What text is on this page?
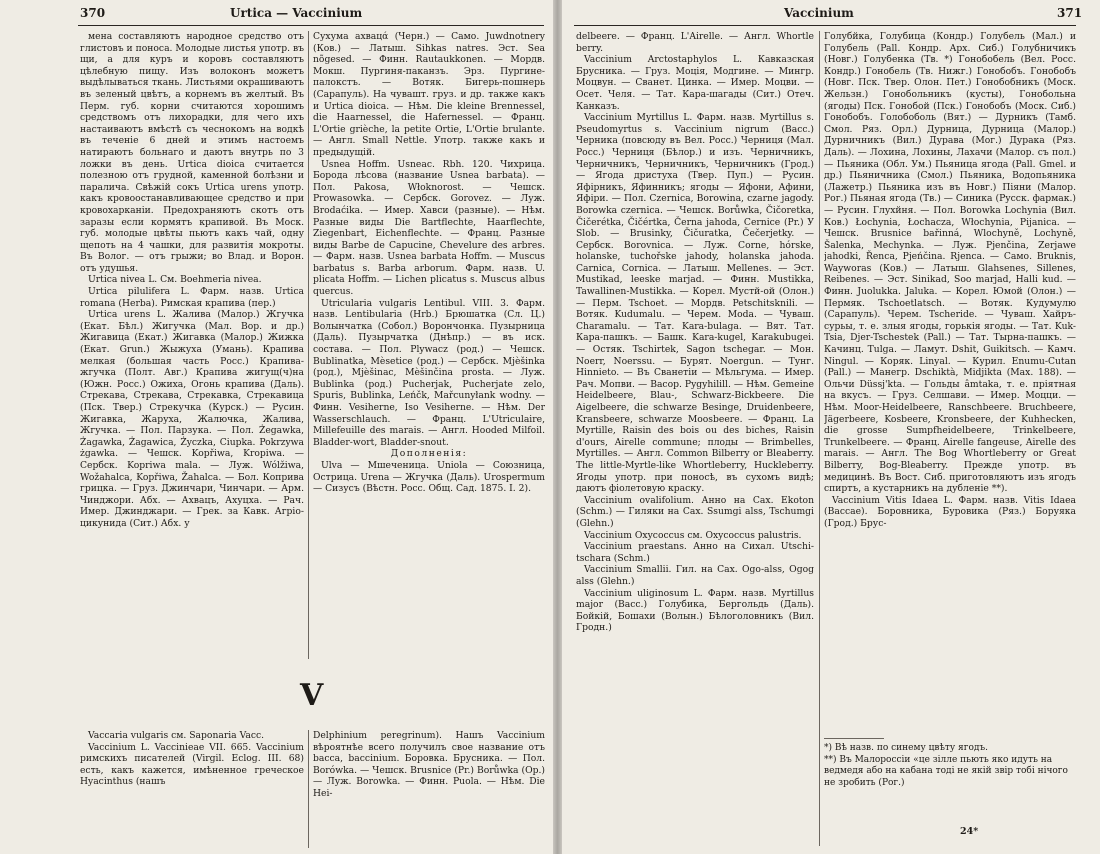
370	Urtica — Vaccinium

мена составляютъ народное средство отъ глистовъ и поноса. Молодые листья употр. въ щи, а для куръ и коровъ составляютъ цѣлебную пищу. Изъ волоконъ можетъ выдѣлываться ткань. Листьями окрашиваютъ въ зеленый цвѣтъ, а корнемъ въ желтый. Въ Перм. губ. корни считаются хорошимъ средствомъ отъ лихорадки, для чего ихъ настаиваютъ вмѣстѣ съ чеснокомъ на водкѣ въ теченіе 6 дней и этимъ настоемъ натираютъ больнаго и даютъ внутрь по 3 ложки въ день. Urtica dioica считается полезною отъ грудной, каменной болѣзни и паралича. Свѣжій сокъ Urtica urens употр. какъ кровоостанавливающее средство и при кровохарканіи. Предохраняютъ скотъ отъ заразы если кормятъ крапивой. Въ Моск. губ. молодые цвѣты пьютъ какъ чай, одну щепоть на 4 чашки, для развитія мокроты. Въ Волог. — отъ грыжи; во Влад. и Ворон. отъ удушья.

Urtica nivea L. См. Boehmeria nivea.

Urtica pilulifera L. Фарм. назв. Urtica romana (Herba). Римская крапива (пер.)

Urtica urens L. Жалива (Малор.) Жгучка (Екат. Бѣл.) Жигучка (Мал. Вор. и др.) Жигавица (Екат.) Жигавка (Малор.) Жижка (Екат. Grun.) Жыжуха (Умань). Крапива мелкая (большая часть Росс.) Крапива-жгучка (Полт. Авг.) Крапива жигущ(ч)на (Южн. Росс.) Ожиха, Огонь крапива (Даль). Стрекава, Стрекава, Стрекавка, Стрекавица (Пск. Твер.) Стрекучка (Курск.) — Русин. Жигавка, Жаруха, Жалючка, Жалива, Жгучка. — Пол. Парзука. — Пол. Żegawka, Żagawka, Żagawica, Życzka, Ciupka. Pokrzywa żgawka. — Чешск. Kopřiwa, Kropiwa. — Сербск. Kopriwa mala. — Луж. Wólžiwa, Wožahalca, Kopřiwa, Žahalca. — Бол. Коприва грицка. — Груз. Джинчари, Чинчари. — Арм. Чинджори. Абх. — Ахвацъ, Ахуцха. — Рач. Имер. Джинджари. — Грек. за Кавк. Агріо-цикунида (Сит.) Абх. у

Сухума ахвацά (Черн.) — Само. Juwdnotnery (Ков.) — Латыш. Sihkas natres. Эст. Sea nõgesed. — Финн. Rautaukkonen. — Мордв. Мокш. Пургиня-паканзъ. Эрз. Пургине-палокстъ. — Вотяк. Бигерь-пошнерь (Сарапуль). На чувашт. груз. и др. также какъ и Urtica dioica. — Нѣм. Die kleine Brennessel, die Haarnessel, die Hafernessel. — Франц. L'Ortie grièche, la petite Ortie, L'Ortie brulante. — Англ. Small Nettle. Употр. также какъ и предыдущій.

Usnea Hoffm. Usneac. Rbh. 120. Чихрица. Борода лѣсова (название Usnea barbata). — Пол. Pakosa, Włoknorost. — Чешск. Prowasowka. — Сербск. Gorovez. — Луж. Brodaćika. — Имер. Хавси (разные). — Нѣм. Разные виды Die Bartflechte, Haarflechte, Ziegenbart, Eichenflechte. — Франц. Разные виды Barbe de Capucine, Chevelure des arbres. — Фарм. назв. Usnea barbata Hoffm. — Muscus barbatus s. Barba arborum. Фарм. назв. U. plicata Hoffm. — Lichen plicatus s. Muscus albus quercus.

Utricularia vulgaris Lentibul. VIII. 3. Фарм. назв. Lentibularia (Hrb.) Брюшатка (Сл. Ц.) Волынчатка (Собол.) Ворончонка. Пузырница (Даль). Пузырчатка (Днѣпр.) — въ иск. состава. — Пол. Plywacz (род.) — Чешск. Bublinatka, Mèsetice (род.) — Сербск. Mjèšinka (род.), Mjèšinac, Mèšinčina prosta. — Луж. Bublinka (род.) Pucherjak, Pucherjate zelo, Spuris, Bublinka, Leńčk, Mařcunyłank wodny. — Финн. Vesiherne, Iso Vesiherne. — Нѣм. Der Wasserschlauch. — Франц. L'Utriculaire, Millefeuille des marais. — Англ. Hooded Milfoil. Bladder-wort, Bladder-snout.

Дополненія:

Ulva — Мшеченица. Uniola — Союзница, Острица. Urena — Жгучка (Даль). Urospermum — Сизусъ (Вѣстн. Росс. Общ. Сад. 1875. I. 2).

V

Vaccaria vulgaris см. Saponaria Vacc.

Vaccinium L. Vaccinieae VII. 665. Vaccinium римскихъ писателей (Virgil. Eclog. III. 68) есть, какъ кажется, имѣненное греческое Hyacinthus (нашъ

Delphinium peregrinum). Нашъ Vaccinium вѣроятнѣе всего получилъ свое название отъ bacca, baccinium. Боровка. Брусника. — Пол. Borówka. — Чешск. Brusnice (Pr.) Borůwka (Op.) — Луж. Borowka. — Финн. Puola. — Нѣм. Die Hei-

Vaccinium	371

delbeere. — Франц. L'Airelle. — Англ. Whortle berry.

Vaccinium Arctostaphylos L. Кавказская Брусника. — Груз. Моція, Модгине. — Мингр. Моцвун. — Сванет. Цинка. — Имер. Моцви. — Осет. Челя. — Тат. Кара-шагады (Сит.) Отеч. Канказъ.

Vaccinium Myrtillus L. Фарм. назв. Myrtillus s. Pseudomyrtus s. Vaccinium nigrum (Bacc.) Черника (повсюду въ Вел. Росс.) Черниця (Мал. Росс.) Черниця (Бѣлор.) и изъ. Черничникъ, Черничникъ, Черничникъ, Черничникъ (Грод.) — Ягода дристуха (Твер. Пуп.) — Русин. Яфірникъ, Яфинникъ; ягоды — Яфони, Афини, Яфіри. — Пол. Czernica, Borowina, czarne jagody. Borowka czernica. — Чешск. Borůwka, Čičoretka, Čičerétka, Čičértka, Černa jahoda, Cernice (Pr.) У Slob. — Brusinky, Čičuratka, Čečerjetky. — Сербск. Borovnica. — Луж. Corne, hórske, holanske, tuchořske jahody, holanska jahoda. Carnica, Cornica. — Латыш. Mellenes. — Эст. Mustikad, leeske marjad. — Финн. Mustikka, Tawallinen-Mustikka. — Корел. Мустй-ой (Олон.) — Перм. Tschoet. — Мордв. Petschitsknili. — Вотяк. Kudumalu. — Черем. Moda. — Чуваш. Charamalu. — Тат. Kara-bulaga. — Вят. Тат. Кара-пашкъ. — Башк. Kara-kugel, Karakubugei. — Остяк. Tschirtek, Sagon tschegar. — Мон. Noerr, Noerssu. — Бурят. Noergun. — Тунг. Hinnieto. — Въ Сванетіи — Мѣльгума. — Имер. Рач. Мопви. — Васоp. Pygyhilill. — Нѣм. Gemeine Heidelbeere, Blau-, Schwarz-Bickbeere. Die Aigelbeere, die schwarze Besinge, Druidenbeere, Kransbeere, schwarze Moosbeere. — Франц. La Myrtille, Raisin des bois ou des biches, Raisin d'ours, Airelle commune; плоды — Brimbelles, Myrtilles. — Англ. Common Bilberry or Bleaberry. The little-Myrtle-like Whortleberry, Huckleberry. Ягоды употр. при поносѣ, въ сухомъ видѣ; даютъ фіолетовую краску.

Vaccinium ovalifolium. Анно на Сах. Ekoton (Schm.) — Гиляки на Сах. Ssumgi alss, Tschumgi (Glehn.)

Vaccinium Oxycoccus см. Oxycoccus palustris.

Vaccinium praestans. Анно на Сихал. Utschi-tschara (Schm.)

Vaccinium Smallii. Гил. на Сах. Ogo-alss, Ogog alss (Glehn.)

Vaccinium uliginosum L. Фарм. назв. Myrtillus major (Bacc.) Голубика, Бергольдь (Даль). Бойкій, Бошахи (Волын.) Бѣлоголовникъ (Вил. Гродн.)

Голубйка, Голубица (Кондр.) Голубель (Мал.) и Голубель (Pall. Кондр. Арх. Сиб.) Голубничикъ (Новг.) Голубенка (Тв. *) Гонобобель (Вел. Росс. Кондр.) Гонобель (Тв. Нижг.) Гонобобъ. Гонобобъ (Новг. Пск. Твер. Олон. Пет.) Гонобобникъ (Моск. Жельзн.) Гонобольникъ (кусты), Гонобольна (ягоды) Пск. Гонобой (Пск.) Гонобобъ (Моск. Сиб.) Гонобобъ. Голобоболь (Вят.) — Дурникъ (Тамб. Смол. Ряз. Орл.) Дурница, Дурница (Малор.) Дурничникъ (Вил.) Дурава (Мог.) Дурака (Ряз. Даль). — Лохина, Лохины, Лахачи (Малор. съ пол.) — Пьяника (Обл. Ум.) Пьяница ягода (Pall. Gmel. и др.) Пьяничника (Смол.) Пьяника, Водопьяника (Лажетр.) Пьяника изъ въ Новг.) Пiяни (Малор. Рог.) Пьяная ягода (Тв.) — Синика (Русск. фармак.) — Русин. Глухйня. — Пол. Borowka Lochynia (Вил. Ков.) Łochynia, Łochacza, Włochynia, Pijanica. — Чешск. Brusnice bařinná, Wlochyně, Lochyně, Šalenka, Mechynka. — Луж. Pjenčina, Zerjawe jahodki, Řenca, Pjeńčina. Rjenca. — Само. Bruknis, Wayworas (Ков.) — Латыш. Glahsenes, Sillenes, Reibenes. — Эст. Sinikad, Soo marjad, Halli kud. — Финн. Juolukka. Jaluka. — Корел. Юмой (Олон.) — Пермяк. Tschoetlatsch. — Вотяк. Кудумулю (Сарапуль). Черем. Tscheride. — Чуваш. Хайръ-сурьы, т. е. злыя ягоды, горькія ягоды. — Тат. Kuk-Tsia, Djer-Tschestek (Pall.) — Тат. Тырна-пашкъ. — Качинц. Tulga. — Ламут. Dshit, Guikitsch. — Камч. Ningul. — Коряк. Linyal. — Курил. Enumu-Cutan (Pall.) — Манегр. Dschiktà, Midjikta (Max. 188). — Ольчи Düssj'kta. — Гольды âmtaka, т. е. пріятная на вкусъ. — Груз. Селшави. — Имер. Моцци. — Нѣм. Moor-Heidelbeere, Ranschbeere. Bruchbeere, Jägerbeere, Kosbeere, Kronsbeere, der Kuhhecken, die grosse Sumpfheidelbeere, Trinkelbeere, Trunkelbeere. — Франц. Airelle fangeuse, Airelle des marais. — Англ. The Bog Whortleberry or Great Bilberry, Bog-Bleaberry. Прежде употр. въ медицинѣ. Въ Вост. Сиб. приготовляютъ изъ ягодъ спиртъ, а кустарникъ на дубленіе **).

Vaccinium Vitis Idaea L. Фарм. назв. Vitis Idaea (Baccae). Боровника, Буровика (Ряз.) Боруяка (Грод.) Брус-

*) Вѣ назв. по синему цвѣту ягодъ.
**) Въ Малороссіи «це зілле пьють яко идуть на ведмедя або на кабана тоді не якій звір тобі нічого не зробить (Рог.)
24*
